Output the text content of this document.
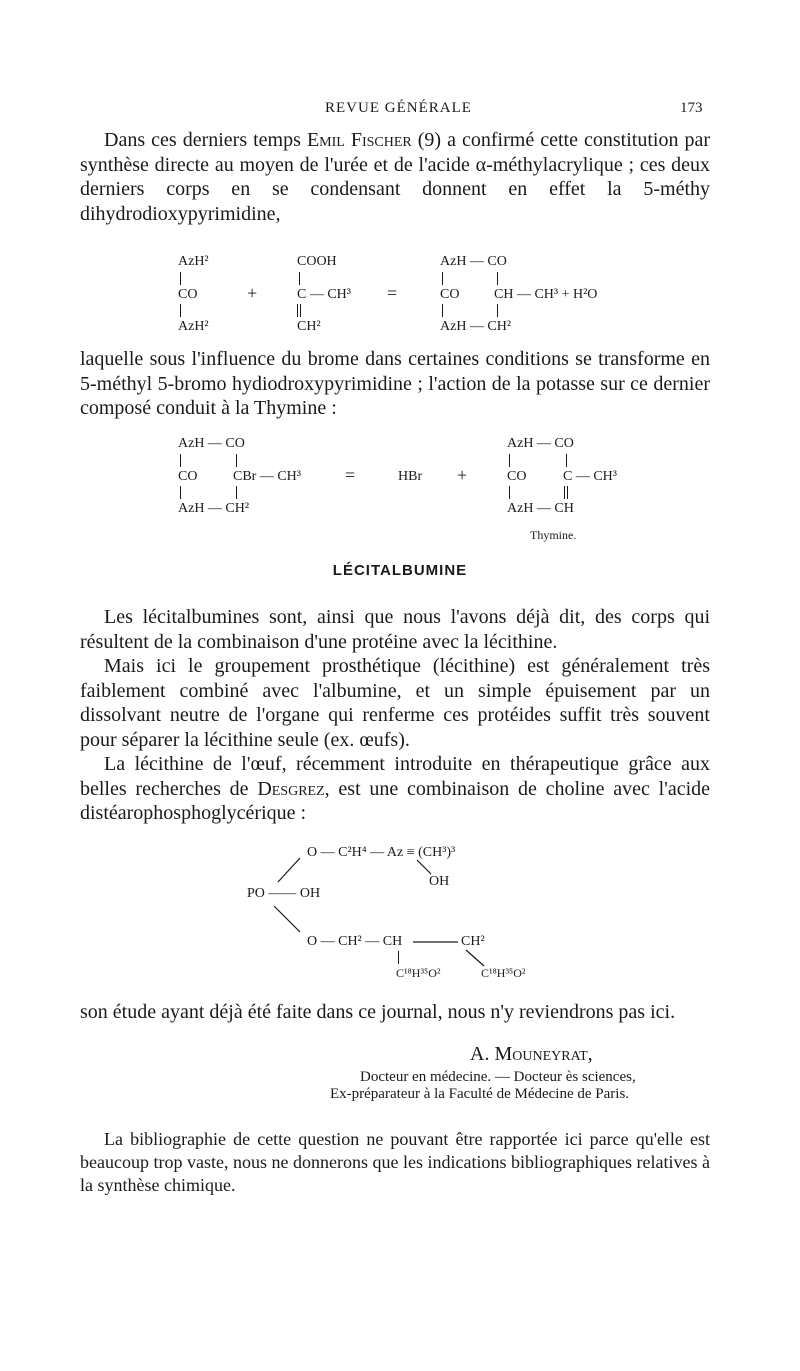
REVUE GÉNÉRALE	173
Dans ces derniers temps Emil Fischer (9) a confirmé cette constitution par synthèse directe au moyen de l'urée et de l'acide α-méthylacrylique ; ces deux derniers corps en se condensant donnent en effet la 5-méthy dihydrodioxypyrimidine,
AzH²
CO
AzH²
+
COOH
C — CH³
CH²
=
AzH — CO
CO CH — CH³ + H²O
AzH — CH²
laquelle sous l'influence du brome dans certaines conditions se transforme en 5-méthyl 5-bromo hydiodroxypyrimidine ; l'action de la potasse sur ce dernier composé conduit à la Thymine :
AzH — CO
CO	CBr — CH³
AzH — CH²
=	HBr +
AzH — CO
CO	C — CH³
AzH — CH
Thymine.
LÉCITALBUMINE
Les lécitalbumines sont, ainsi que nous l'avons déjà dit, des corps qui résultent de la combinaison d'une protéine avec la lécithine.
Mais ici le groupement prosthétique (lécithine) est généralement très faiblement combiné avec l'albumine, et un simple épuisement par un dissolvant neutre de l'organe qui renferme ces protéides suffit très souvent pour séparer la lécithine seule (ex. œufs).
La lécithine de l'œuf, récemment introduite en thérapeutique grâce aux belles recherches de Desgrez, est une combinaison de choline avec l'acide distéarophosphoglycérique :
O — C²H⁴ — Az ≡ (CH³)³
OH
PO —— OH
O — CH² — CH	CH²
C¹⁸H³⁵O²	C¹⁸H³⁵O²
son étude ayant déjà été faite dans ce journal, nous n'y reviendrons pas ici.
A. Mouneyrat,
Docteur en médecine. — Docteur ès sciences,
Ex-préparateur à la Faculté de Médecine de Paris.
La bibliographie de cette question ne pouvant être rapportée ici parce qu'elle est beaucoup trop vaste, nous ne donnerons que les indications bibliographiques relatives à la synthèse chimique.
